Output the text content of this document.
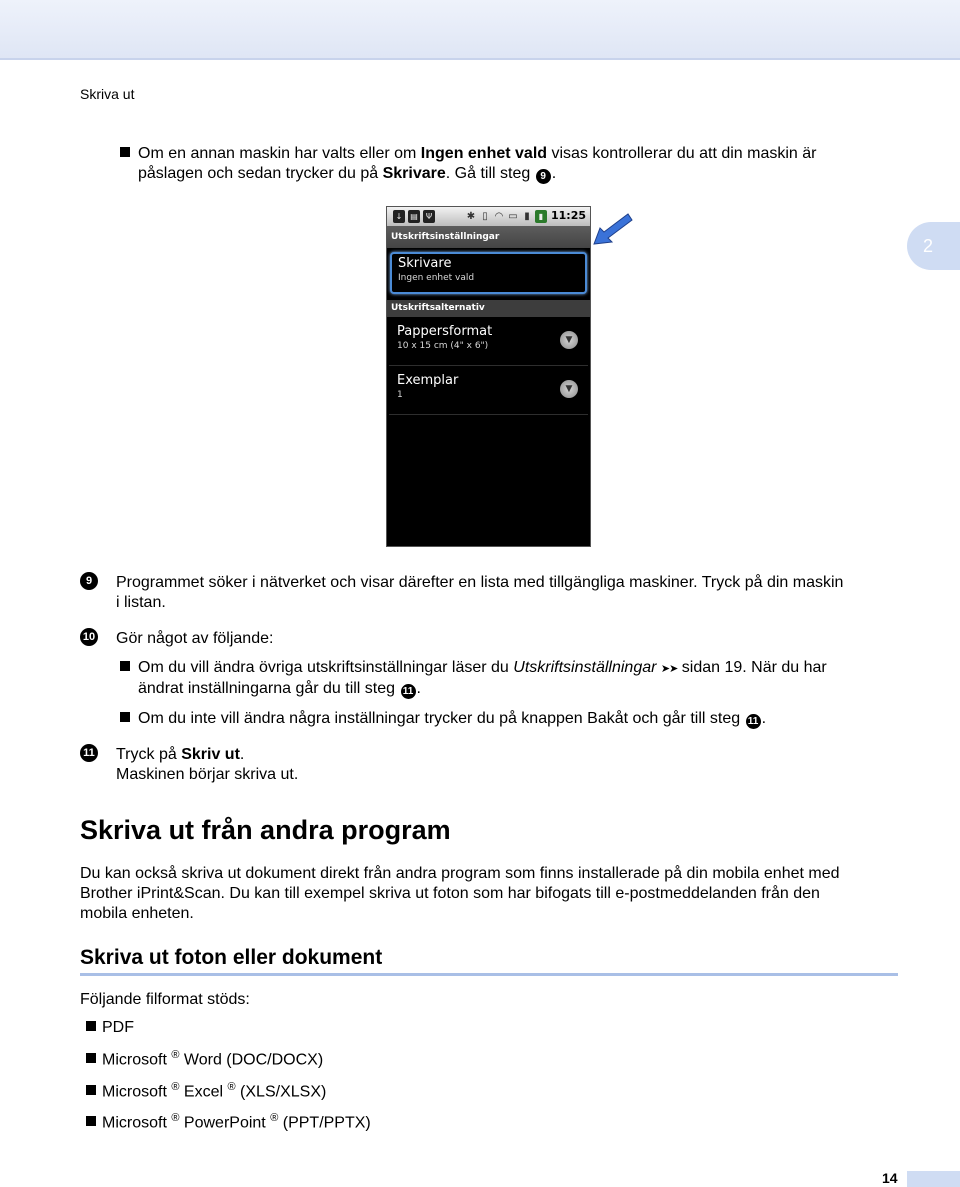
Skriva ut
2
Om en annan maskin har valts eller om Ingen enhet vald visas kontrollerar du att din maskin är
påslagen och sedan trycker du på Skrivare. Gå till steg 9 .
↓ ▤	Ψ	✱ ▯ ◠ ▭ ▮	▮ 11:25
Utskriftsinställningar
Skrivare
Ingen enhet vald
Utskriftsalternativ
Pappersformat
10 x 15 cm (4" x 6")
▼
Exemplar
1
▼
9	Programmet söker i nätverket och visar därefter en lista med tillgängliga maskiner. Tryck på din maskin
i listan.
10 Gör något av följande:
Om du vill ändra övriga utskriftsinställningar läser du Utskriftsinställningar ➤➤ sidan 19. När du har
ändrat inställningarna går du till steg 11 .
Om du inte vill ändra några inställningar trycker du på knappen Bakåt och går till steg 11 .
11 Tryck på Skriv ut.
Maskinen börjar skriva ut.
Skriva ut från andra program
Du kan också skriva ut dokument direkt från andra program som finns installerade på din mobila enhet med
Brother iPrint&Scan. Du kan till exempel skriva ut foton som har bifogats till e-postmeddelanden från den
mobila enheten.
Skriva ut foton eller dokument
Följande filformat stöds:
PDF
Microsoft ® Word (DOC/DOCX)
Microsoft ® Excel ® (XLS/XLSX)
Microsoft ® PowerPoint ® (PPT/PPTX)
14
